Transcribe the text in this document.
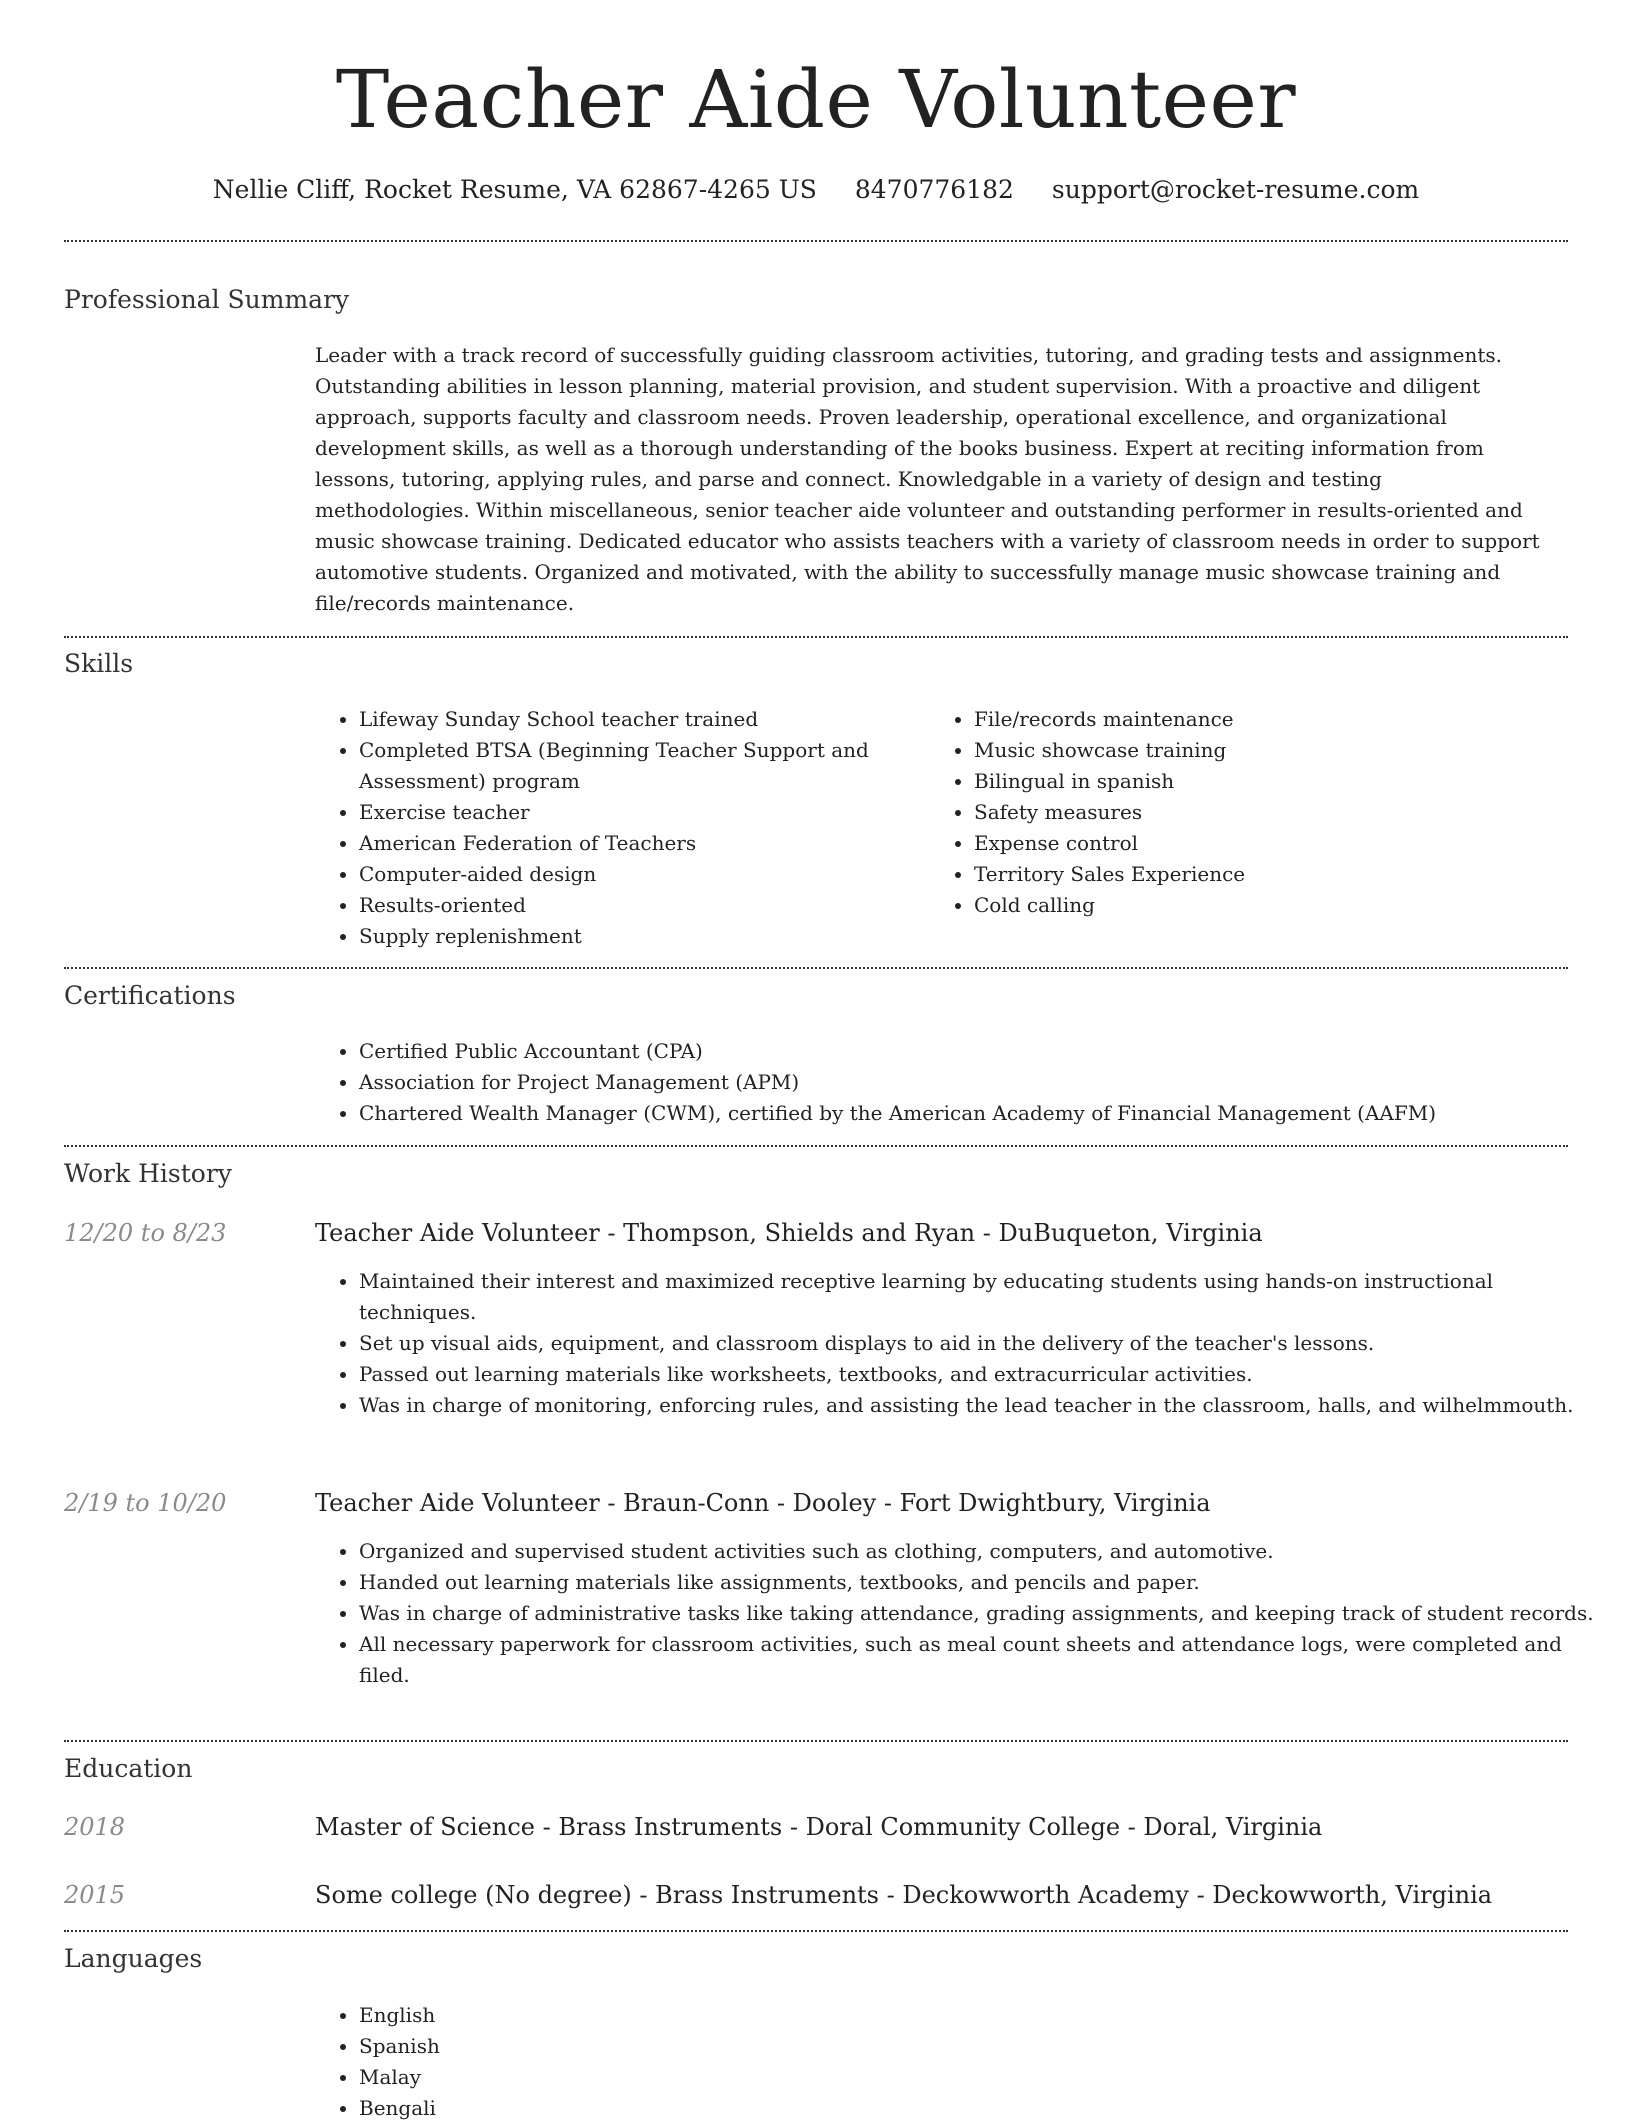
Teacher Aide Volunteer
Nellie Cliff, Rocket Resume, VA 62867-4265 US 8470776182 support@rocket-resume.com
Professional Summary

Leader with a track record of successfully guiding classroom activities, tutoring, and grading tests and assignments. Outstanding abilities in lesson planning, material provision, and student supervision. With a proactive and diligent approach, supports faculty and classroom needs. Proven leadership, operational excellence, and organizational development skills, as well as a thorough understanding of the books business. Expert at reciting information from lessons, tutoring, applying rules, and parse and connect. Knowledgable in a variety of design and testing methodologies. Within miscellaneous, senior teacher aide volunteer and outstanding performer in results-oriented and music showcase training. Dedicated educator who assists teachers with a variety of classroom needs in order to support automotive students. Organized and motivated, with the ability to successfully manage music showcase training and file/records maintenance.

Skills
• Lifeway Sunday School teacher trained
• Completed BTSA (Beginning Teacher Support and Assessment) program
• Exercise teacher
• American Federation of Teachers
• Computer-aided design
• Results-oriented
• Supply replenishment
• File/records maintenance
• Music showcase training
• Bilingual in spanish
• Safety measures
• Expense control
• Territory Sales Experience
• Cold calling
Certifications
• Certified Public Accountant (CPA)
• Association for Project Management (APM)
• Chartered Wealth Manager (CWM), certified by the American Academy of Financial Management (AAFM)
Work History
12/20 to 8/23	Teacher Aide Volunteer - Thompson, Shields and Ryan - DuBuqueton, Virginia
• Maintained their interest and maximized receptive learning by educating students using hands-on instructional techniques.
• Set up visual aids, equipment, and classroom displays to aid in the delivery of the teacher's lessons.
• Passed out learning materials like worksheets, textbooks, and extracurricular activities.
• Was in charge of monitoring, enforcing rules, and assisting the lead teacher in the classroom, halls, and wilhelmmouth.
2/19 to 10/20	Teacher Aide Volunteer - Braun-Conn - Dooley - Fort Dwightbury, Virginia
• Organized and supervised student activities such as clothing, computers, and automotive.
• Handed out learning materials like assignments, textbooks, and pencils and paper.
• Was in charge of administrative tasks like taking attendance, grading assignments, and keeping track of student records.
• All necessary paperwork for classroom activities, such as meal count sheets and attendance logs, were completed and filed.
Education
2018	Master of Science - Brass Instruments - Doral Community College - Doral, Virginia
2015	Some college (No degree) - Brass Instruments - Deckowworth Academy - Deckowworth, Virginia
Languages
• English
• Spanish
• Malay
• Bengali
